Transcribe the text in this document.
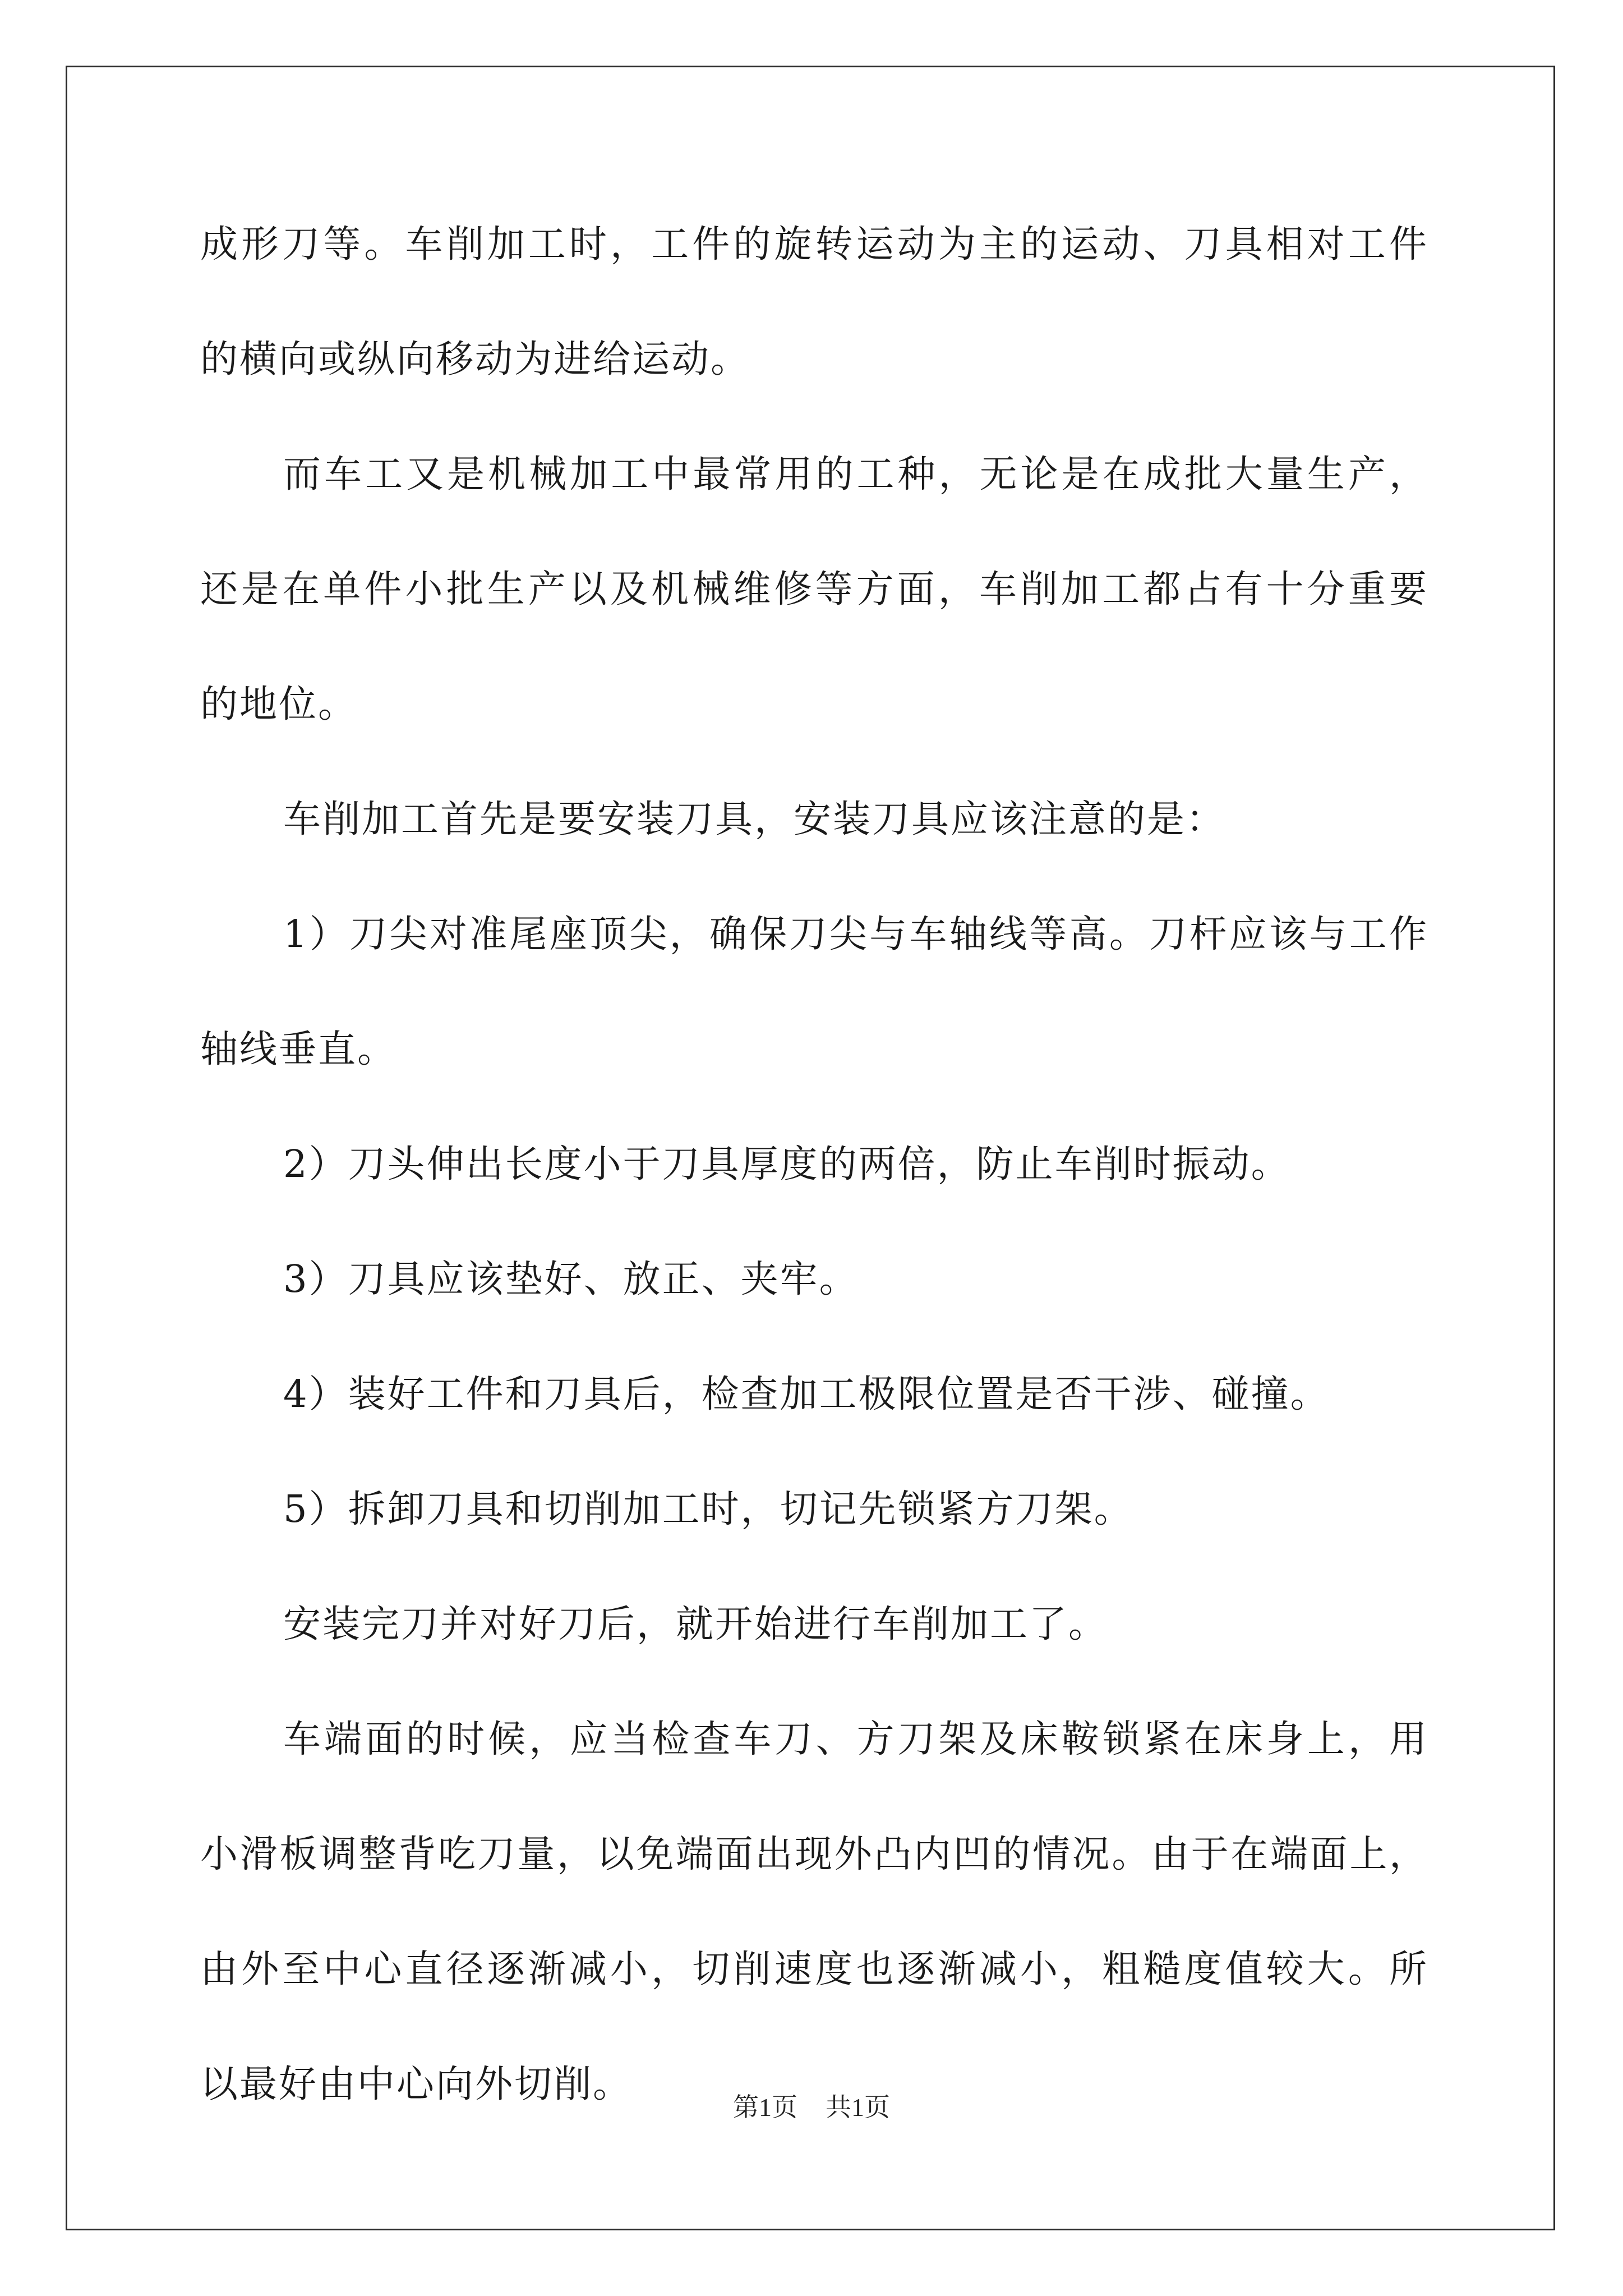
成形刀等。车削加工时，工件的旋转运动为主的运动、刀具相对工件
的横向或纵向移动为进给运动。
而车工又是机械加工中最常用的工种，无论是在成批大量生产，
还是在单件小批生产以及机械维修等方面，车削加工都占有十分重要
的地位。
车削加工首先是要安装刀具，安装刀具应该注意的是：
1）刀尖对准尾座顶尖，确保刀尖与车轴线等高。刀杆应该与工作
轴线垂直。
2）刀头伸出长度小于刀具厚度的两倍，防止车削时振动。
3）刀具应该垫好、放正、夹牢。
4）装好工件和刀具后，检查加工极限位置是否干涉、碰撞。
5）拆卸刀具和切削加工时，切记先锁紧方刀架。
安装完刀并对好刀后，就开始进行车削加工了。
车端面的时候，应当检查车刀、方刀架及床鞍锁紧在床身上，用
小滑板调整背吃刀量，以免端面出现外凸内凹的情况。由于在端面上，
由外至中心直径逐渐减小，切削速度也逐渐减小，粗糙度值较大。所
以最好由中心向外切削。
第1页 共1页
